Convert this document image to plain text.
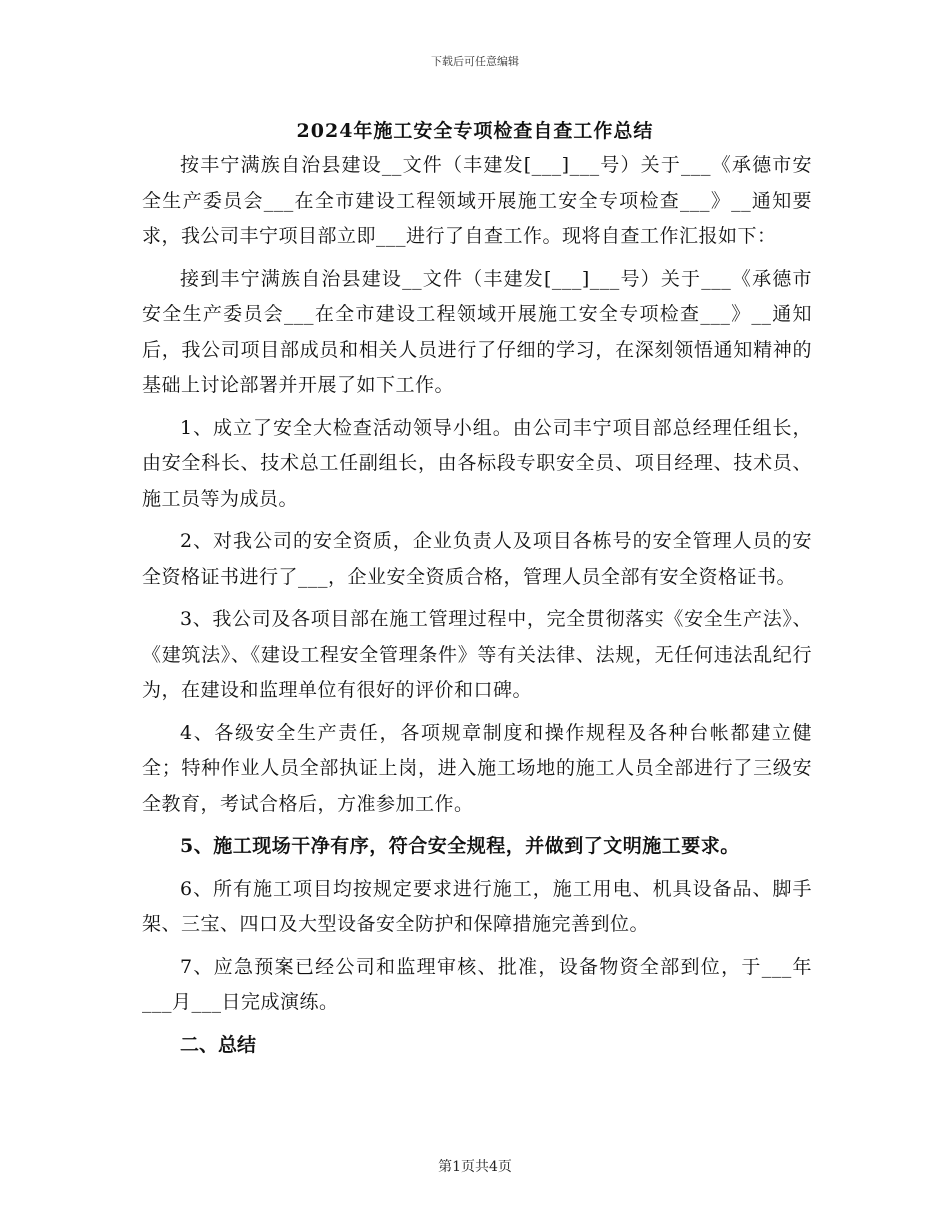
下载后可任意编辑
2024年施工安全专项检查自查工作总结

按丰宁满族自治县建设__文件（丰建发[___]___号）关于___《承德市安全生产委员会___在全市建设工程领域开展施工安全专项检查___》__通知要求，我公司丰宁项目部立即___进行了自查工作。现将自查工作汇报如下：

接到丰宁满族自治县建设__文件（丰建发[___]___号）关于___《承德市安全生产委员会___在全市建设工程领域开展施工安全专项检查___》__通知后，我公司项目部成员和相关人员进行了仔细的学习，在深刻领悟通知精神的基础上讨论部署并开展了如下工作。

1、成立了安全大检查活动领导小组。由公司丰宁项目部总经理任组长，由安全科长、技术总工任副组长，由各标段专职安全员、项目经理、技术员、施工员等为成员。

2、对我公司的安全资质，企业负责人及项目各栋号的安全管理人员的安全资格证书进行了___，企业安全资质合格，管理人员全部有安全资格证书。

3、我公司及各项目部在施工管理过程中，完全贯彻落实《安全生产法》、《建筑法》、《建设工程安全管理条件》等有关法律、法规，无任何违法乱纪行为，在建设和监理单位有很好的评价和口碑。

4、各级安全生产责任，各项规章制度和操作规程及各种台帐都建立健全；特种作业人员全部执证上岗，进入施工场地的施工人员全部进行了三级安全教育，考试合格后，方准参加工作。

5、施工现场干净有序，符合安全规程，并做到了文明施工要求。

6、所有施工项目均按规定要求进行施工，施工用电、机具设备品、脚手架、三宝、四口及大型设备安全防护和保障措施完善到位。

7、应急预案已经公司和监理审核、批准，设备物资全部到位，于___年___月___日完成演练。

二、总结

第1页共4页
